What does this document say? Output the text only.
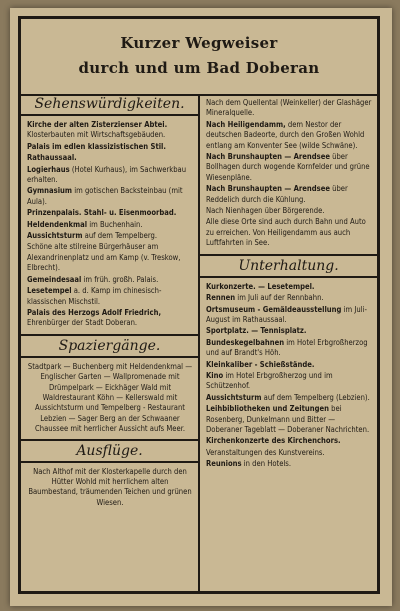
Kurzer Wegweiser
durch und um Bad Doberan
Sehenswürdigkeiten.
Kirche der alten Zisterzienser Abtei. Klosterbauten mit Wirtschaftsgebäuden.
Palais im edlen klassizistischen Stil.
Rathaussaal.
Logierhaus (Hotel Kurhaus), im Sachwerkbau erhalten.
Gymnasium im gotischen Backsteinbau (mit Aula).
Prinzenpalais. Stahl- u. Eisenmoorbad.
Heldendenkmal im Buchenhain.
Aussichtsturm auf dem Tempelberg.
Schöne alte stilreine Bürgerhäuser am Alexandrinenplatz und am Kamp (v. Treskow, Elbrecht).
Gemeindesaal im früh. großh. Palais.
Lesetempel a. d. Kamp im chinesisch-klassischen Mischstil.
Palais des Herzogs Adolf Friedrich, Ehrenbürger der Stadt Doberan.
Spaziergänge.
Stadtpark — Buchenberg mit Heldendenkmal — Englischer Garten — Wallpromenade mit Drümpelpark — Eickhäger Wald mit Waldrestaurant Köhn — Kellerswald mit Aussichtsturm und Tempelberg - Restaurant Lebzien — Sager Berg an der Schwaaner Chaussee mit herrlicher Aussicht aufs Meer.
Ausflüge.
Nach Althof mit der Klosterkapelle durch den Hütter Wohld mit herrlichem alten Baumbestand, träumenden Teichen und grünen Wiesen.
Nach dem Quellental (Weinkeller) der Glashäger Mineralquelle.
Nach Heiligendamm, dem Nestor der deutschen Badeorte, durch den Großen Wohld entlang am Konventer See (wilde Schwäne).
Nach Brunshaupten — Arendsee über Bollhagen durch wogende Kornfelder und grüne Wiesenpläne.
Nach Brunshaupten — Arendsee über Reddelich durch die Kühlung.
Nach Nienhagen über Börgerende.
Alle diese Orte sind auch durch Bahn und Auto zu erreichen. Von Heiligendamm aus auch Luftfahrten in See.
Unterhaltung.
Kurkonzerte. — Lesetempel.
Rennen im Juli auf der Rennbahn.
Ortsmuseum - Gemäldeausstellung im Juli-August im Rathaussaal.
Sportplatz. — Tennisplatz.
Bundeskegelbahnen im Hotel Erbgroßherzog und auf Brandt's Höh.
Kleinkaliber - Schießstände.
Kino im Hotel Erbgroßherzog und im Schützenhof.
Aussichtsturm auf dem Tempelberg (Lebzien).
Leihbibliotheken und Zeitungen bei Rosenberg, Dunkelmann und Bitter — Doberaner Tageblatt — Doberaner Nachrichten.
Kirchenkonzerte des Kirchenchors.
Veranstaltungen des Kunstvereins.
Reunions in den Hotels.
